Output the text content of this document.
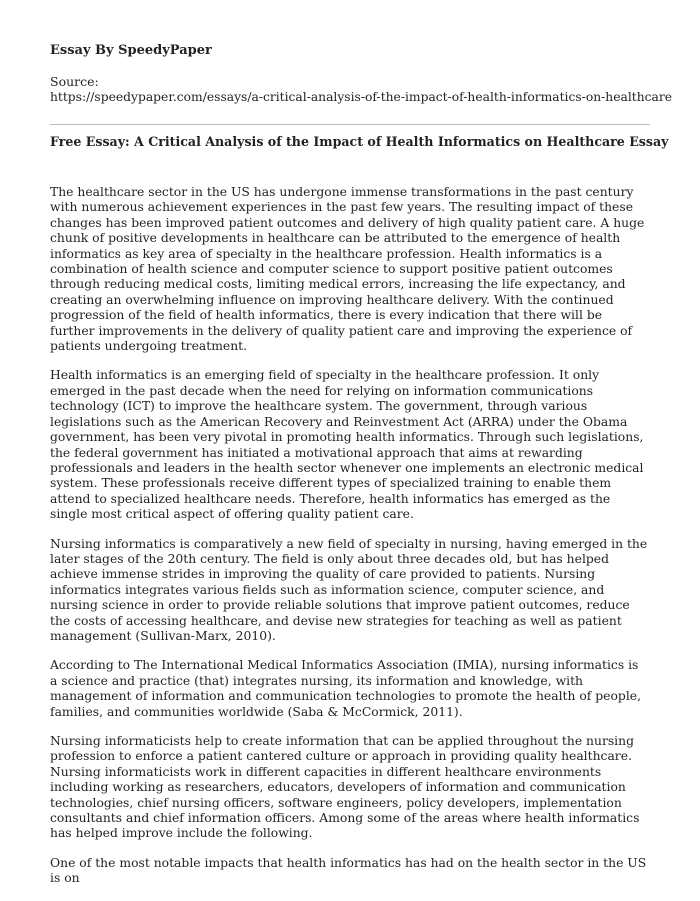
Essay By SpeedyPaper

Source:

https://speedypaper.com/essays/a-critical-analysis-of-the-impact-of-health-informatics-on-healthcare

Free Essay: A Critical Analysis of the Impact of Health Informatics on Healthcare Essay

The healthcare sector in the US has undergone immense transformations in the past century with numerous achievement experiences in the past few years. The resulting impact of these changes has been improved patient outcomes and delivery of high quality patient care. A huge chunk of positive developments in healthcare can be attributed to the emergence of health informatics as key area of specialty in the healthcare profession. Health informatics is a combination of health science and computer science to support positive patient outcomes through reducing medical costs, limiting medical errors, increasing the life expectancy, and creating an overwhelming influence on improving healthcare delivery. With the continued progression of the field of health informatics, there is every indication that there will be further improvements in the delivery of quality patient care and improving the experience of patients undergoing treatment.

Health informatics is an emerging field of specialty in the healthcare profession. It only emerged in the past decade when the need for relying on information communications technology (ICT) to improve the healthcare system. The government, through various legislations such as the American Recovery and Reinvestment Act (ARRA) under the Obama government, has been very pivotal in promoting health informatics. Through such legislations, the federal government has initiated a motivational approach that aims at rewarding professionals and leaders in the health sector whenever one implements an electronic medical system. These professionals receive different types of specialized training to enable them attend to specialized healthcare needs. Therefore, health informatics has emerged as the single most critical aspect of offering quality patient care.

Nursing informatics is comparatively a new field of specialty in nursing, having emerged in the later stages of the 20th century. The field is only about three decades old, but has helped achieve immense strides in improving the quality of care provided to patients. Nursing informatics integrates various fields such as information science, computer science, and nursing science in order to provide reliable solutions that improve patient outcomes, reduce the costs of accessing healthcare, and devise new strategies for teaching as well as patient management (Sullivan-Marx, 2010).

According to The International Medical Informatics Association (IMIA), nursing informatics is a science and practice (that) integrates nursing, its information and knowledge, with management of information and communication technologies to promote the health of people, families, and communities worldwide (Saba & McCormick, 2011).

Nursing informaticists help to create information that can be applied throughout the nursing profession to enforce a patient cantered culture or approach in providing quality healthcare. Nursing informaticists work in different capacities in different healthcare environments including working as researchers, educators, developers of information and communication technologies, chief nursing officers, software engineers, policy developers, implementation consultants and chief information officers. Among some of the areas where health informatics has helped improve include the following.

One of the most notable impacts that health informatics has had on the health sector in the US is on
